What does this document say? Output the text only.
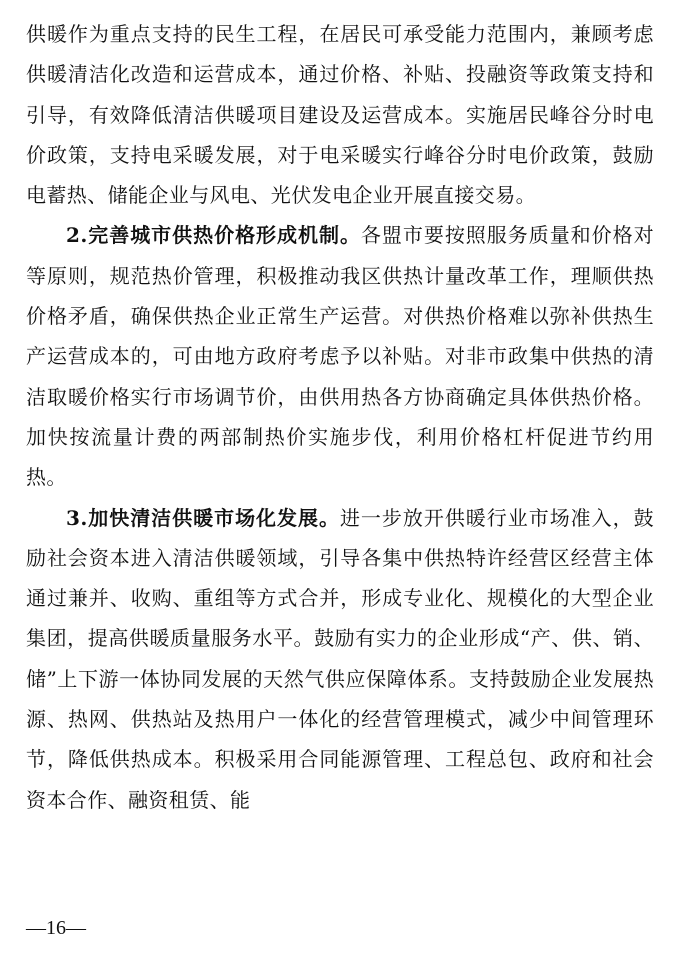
供暖作为重点支持的民生工程，在居民可承受能力范围内，兼顾考虑供暖清洁化改造和运营成本，通过价格、补贴、投融资等政策支持和引导，有效降低清洁供暖项目建设及运营成本。实施居民峰谷分时电价政策，支持电采暖发展，对于电采暖实行峰谷分时电价政策，鼓励电蓄热、储能企业与风电、光伏发电企业开展直接交易。

2.完善城市供热价格形成机制。各盟市要按照服务质量和价格对等原则，规范热价管理，积极推动我区供热计量改革工作，理顺供热价格矛盾，确保供热企业正常生产运营。对供热价格难以弥补供热生产运营成本的，可由地方政府考虑予以补贴。对非市政集中供热的清洁取暖价格实行市场调节价，由供用热各方协商确定具体供热价格。加快按流量计费的两部制热价实施步伐，利用价格杠杆促进节约用热。

3.加快清洁供暖市场化发展。进一步放开供暖行业市场准入，鼓励社会资本进入清洁供暖领域，引导各集中供热特许经营区经营主体通过兼并、收购、重组等方式合并，形成专业化、规模化的大型企业集团，提高供暖质量服务水平。鼓励有实力的企业形成“产、供、销、储”上下游一体协同发展的天然气供应保障体系。支持鼓励企业发展热源、热网、供热站及热用户一体化的经营管理模式，减少中间管理环节，降低供热成本。积极采用合同能源管理、工程总包、政府和社会资本合作、融资租赁、能

—16—
